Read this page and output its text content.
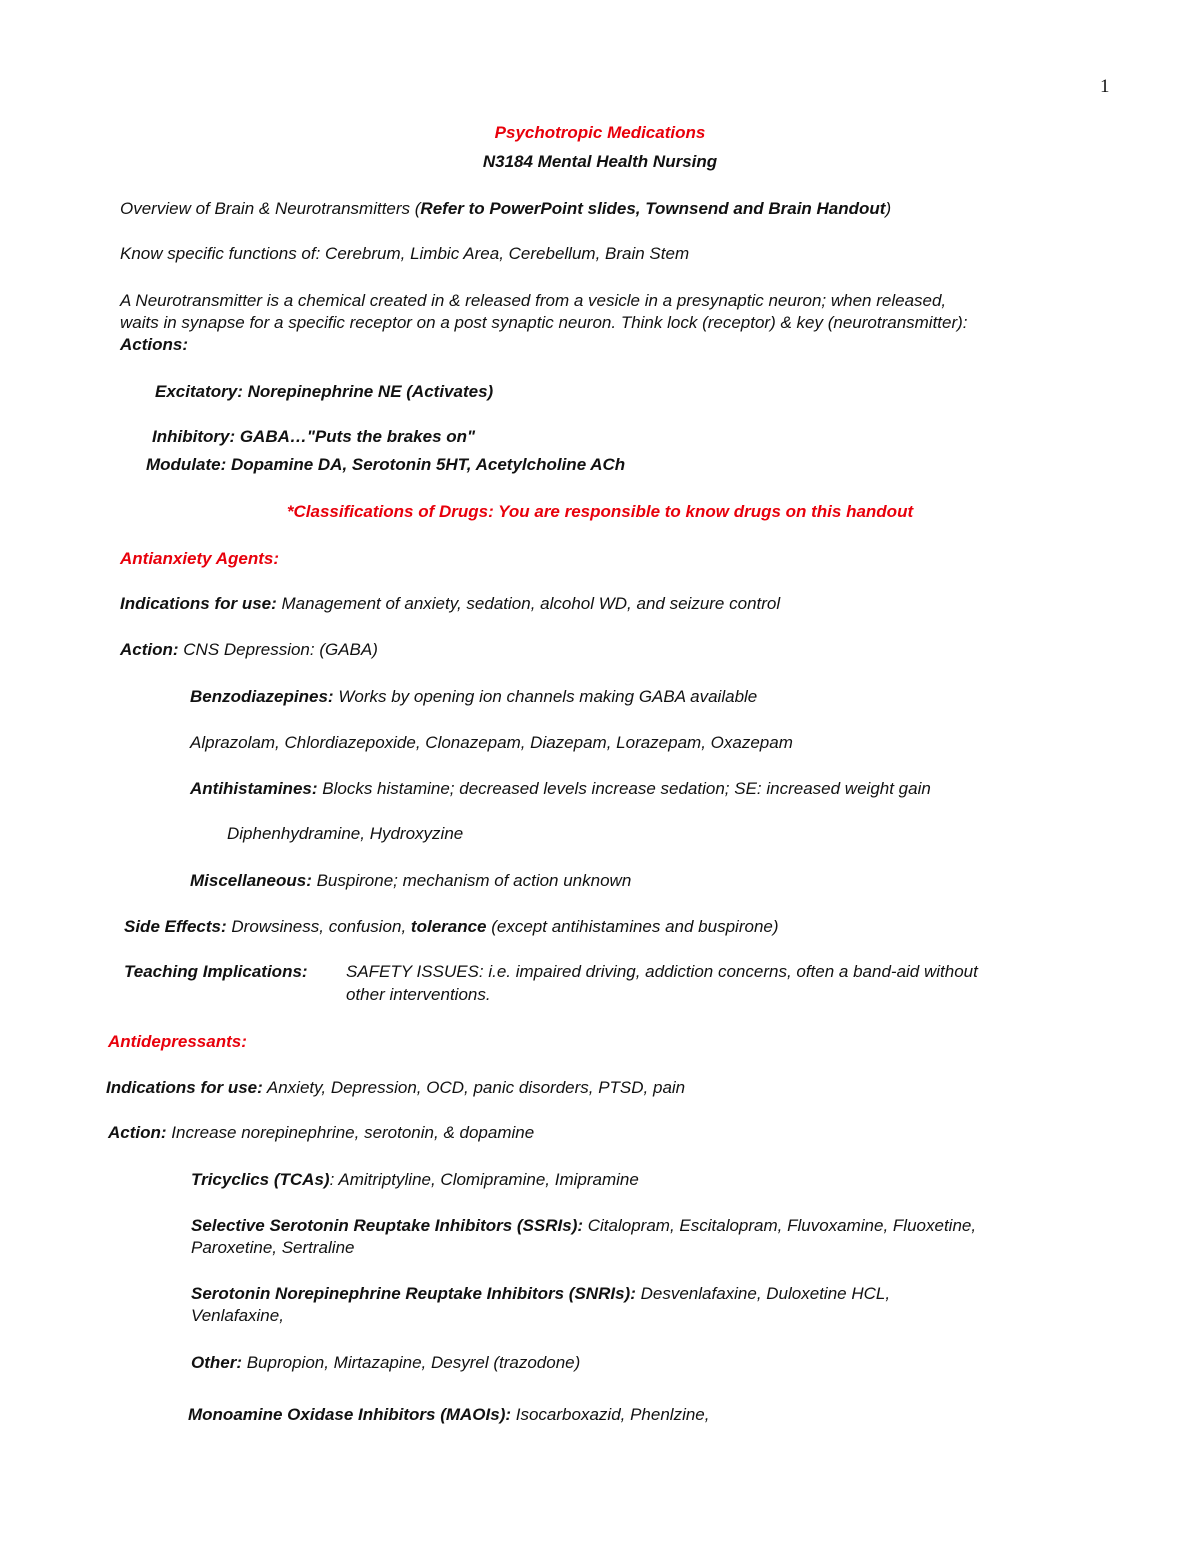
1
Psychotropic Medications
N3184 Mental Health Nursing
Overview of Brain & Neurotransmitters (Refer to PowerPoint slides, Townsend and Brain Handout)
Know specific functions of: Cerebrum, Limbic Area, Cerebellum, Brain Stem
A Neurotransmitter is a chemical created in & released from a vesicle in a presynaptic neuron; when released,
waits in synapse for a specific receptor on a post synaptic neuron. Think lock (receptor) & key (neurotransmitter):
Actions:
Excitatory: Norepinephrine NE (Activates)
Inhibitory: GABA…"Puts the brakes on"
Modulate: Dopamine DA, Serotonin 5HT, Acetylcholine ACh
*Classifications of Drugs: You are responsible to know drugs on this handout
Antianxiety Agents:
Indications for use: Management of anxiety, sedation, alcohol WD, and seizure control
Action: CNS Depression: (GABA)
Benzodiazepines: Works by opening ion channels making GABA available
Alprazolam, Chlordiazepoxide, Clonazepam, Diazepam, Lorazepam, Oxazepam
Antihistamines: Blocks histamine; decreased levels increase sedation; SE: increased weight gain
Diphenhydramine, Hydroxyzine
Miscellaneous: Buspirone; mechanism of action unknown
Side Effects: Drowsiness, confusion, tolerance (except antihistamines and buspirone)
Teaching Implications: SAFETY ISSUES: i.e. impaired driving, addiction concerns, often a band-aid without
other interventions.
Antidepressants:
Indications for use: Anxiety, Depression, OCD, panic disorders, PTSD, pain
Action: Increase norepinephrine, serotonin, & dopamine
Tricyclics (TCAs): Amitriptyline, Clomipramine, Imipramine
Selective Serotonin Reuptake Inhibitors (SSRIs): Citalopram, Escitalopram, Fluvoxamine, Fluoxetine,
Paroxetine, Sertraline
Serotonin Norepinephrine Reuptake Inhibitors (SNRIs): Desvenlafaxine, Duloxetine HCL,
Venlafaxine,
Other: Bupropion, Mirtazapine, Desyrel (trazodone)
Monoamine Oxidase Inhibitors (MAOIs): Isocarboxazid, Phenlzine,
